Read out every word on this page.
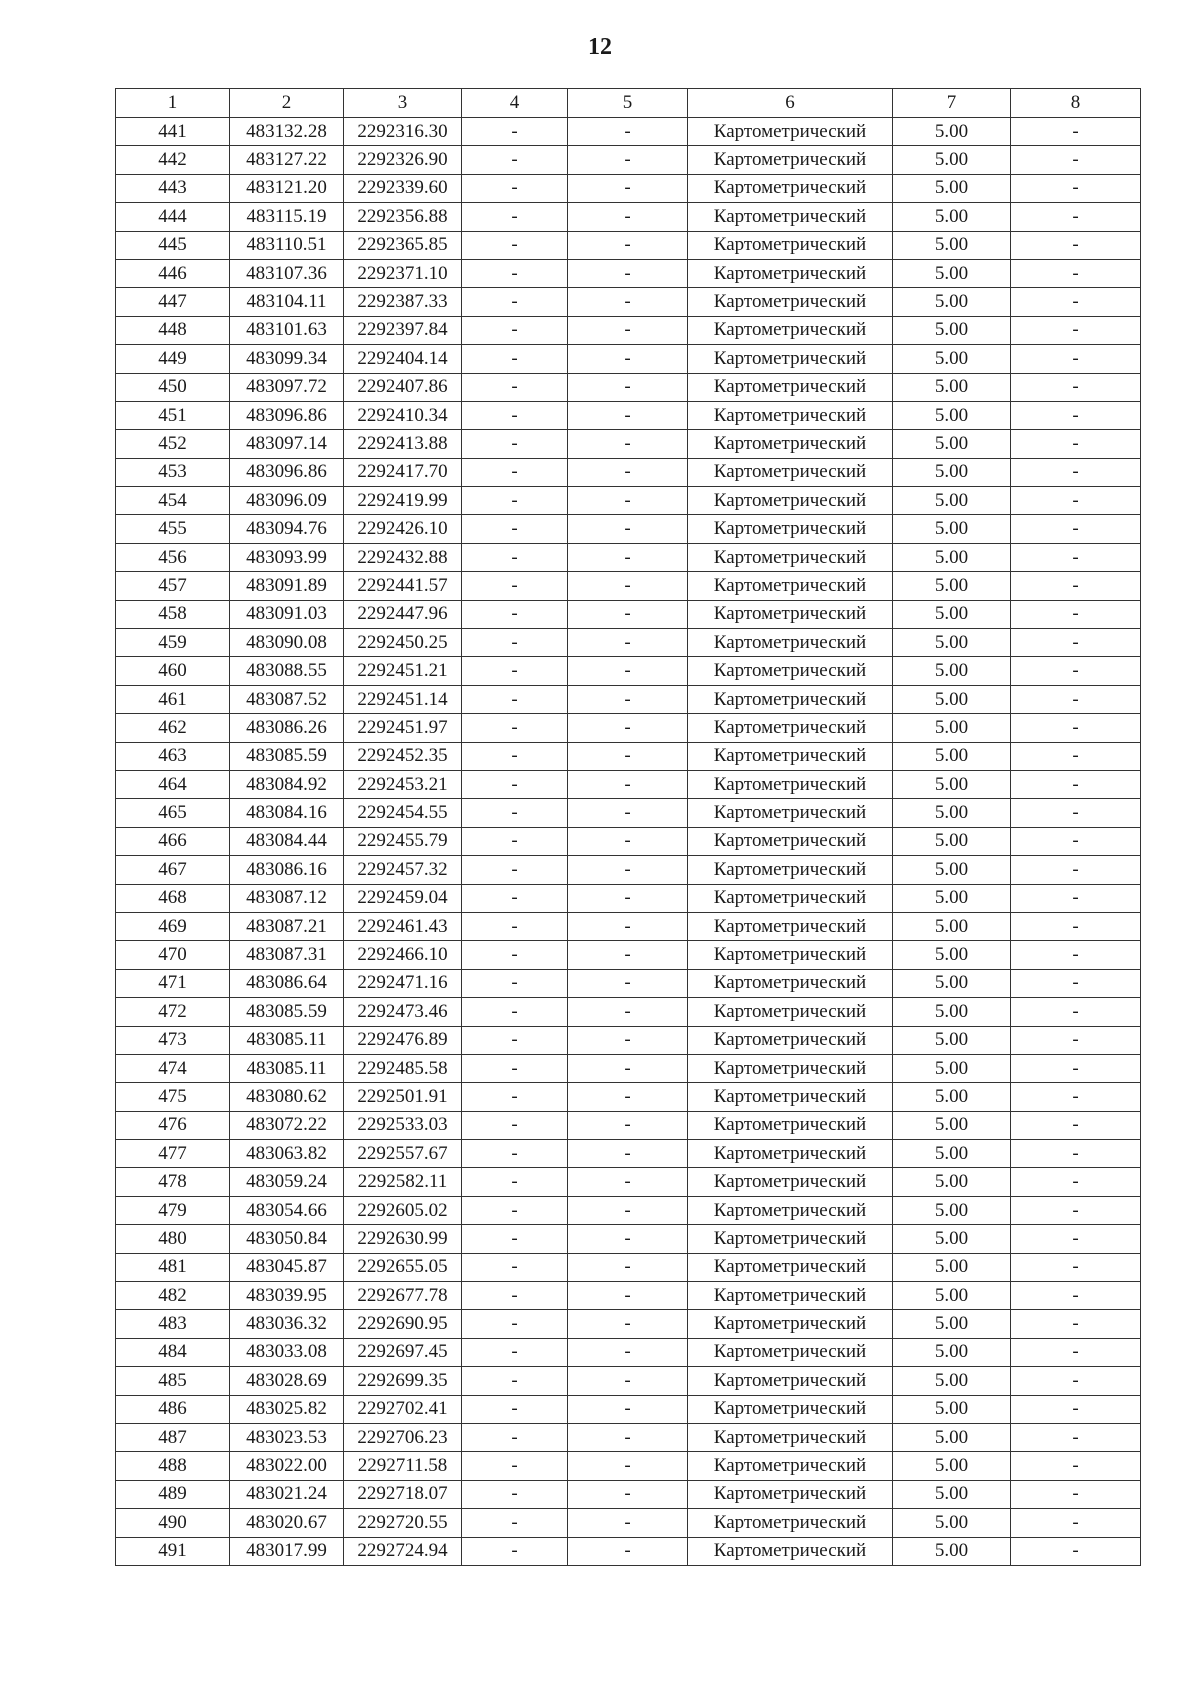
12
1	2	3	4	5	6	7	8
441	483132.28	2292316.30	-	-	Картометрический	5.00	-
442	483127.22	2292326.90	-	-	Картометрический	5.00	-
443	483121.20	2292339.60	-	-	Картометрический	5.00	-
444	483115.19	2292356.88	-	-	Картометрический	5.00	-
445	483110.51	2292365.85	-	-	Картометрический	5.00	-
446	483107.36	2292371.10	-	-	Картометрический	5.00	-
447	483104.11	2292387.33	-	-	Картометрический	5.00	-
448	483101.63	2292397.84	-	-	Картометрический	5.00	-
449	483099.34	2292404.14	-	-	Картометрический	5.00	-
450	483097.72	2292407.86	-	-	Картометрический	5.00	-
451	483096.86	2292410.34	-	-	Картометрический	5.00	-
452	483097.14	2292413.88	-	-	Картометрический	5.00	-
453	483096.86	2292417.70	-	-	Картометрический	5.00	-
454	483096.09	2292419.99	-	-	Картометрический	5.00	-
455	483094.76	2292426.10	-	-	Картометрический	5.00	-
456	483093.99	2292432.88	-	-	Картометрический	5.00	-
457	483091.89	2292441.57	-	-	Картометрический	5.00	-
458	483091.03	2292447.96	-	-	Картометрический	5.00	-
459	483090.08	2292450.25	-	-	Картометрический	5.00	-
460	483088.55	2292451.21	-	-	Картометрический	5.00	-
461	483087.52	2292451.14	-	-	Картометрический	5.00	-
462	483086.26	2292451.97	-	-	Картометрический	5.00	-
463	483085.59	2292452.35	-	-	Картометрический	5.00	-
464	483084.92	2292453.21	-	-	Картометрический	5.00	-
465	483084.16	2292454.55	-	-	Картометрический	5.00	-
466	483084.44	2292455.79	-	-	Картометрический	5.00	-
467	483086.16	2292457.32	-	-	Картометрический	5.00	-
468	483087.12	2292459.04	-	-	Картометрический	5.00	-
469	483087.21	2292461.43	-	-	Картометрический	5.00	-
470	483087.31	2292466.10	-	-	Картометрический	5.00	-
471	483086.64	2292471.16	-	-	Картометрический	5.00	-
472	483085.59	2292473.46	-	-	Картометрический	5.00	-
473	483085.11	2292476.89	-	-	Картометрический	5.00	-
474	483085.11	2292485.58	-	-	Картометрический	5.00	-
475	483080.62	2292501.91	-	-	Картометрический	5.00	-
476	483072.22	2292533.03	-	-	Картометрический	5.00	-
477	483063.82	2292557.67	-	-	Картометрический	5.00	-
478	483059.24	2292582.11	-	-	Картометрический	5.00	-
479	483054.66	2292605.02	-	-	Картометрический	5.00	-
480	483050.84	2292630.99	-	-	Картометрический	5.00	-
481	483045.87	2292655.05	-	-	Картометрический	5.00	-
482	483039.95	2292677.78	-	-	Картометрический	5.00	-
483	483036.32	2292690.95	-	-	Картометрический	5.00	-
484	483033.08	2292697.45	-	-	Картометрический	5.00	-
485	483028.69	2292699.35	-	-	Картометрический	5.00	-
486	483025.82	2292702.41	-	-	Картометрический	5.00	-
487	483023.53	2292706.23	-	-	Картометрический	5.00	-
488	483022.00	2292711.58	-	-	Картометрический	5.00	-
489	483021.24	2292718.07	-	-	Картометрический	5.00	-
490	483020.67	2292720.55	-	-	Картометрический	5.00	-
491	483017.99	2292724.94	-	-	Картометрический	5.00	-
